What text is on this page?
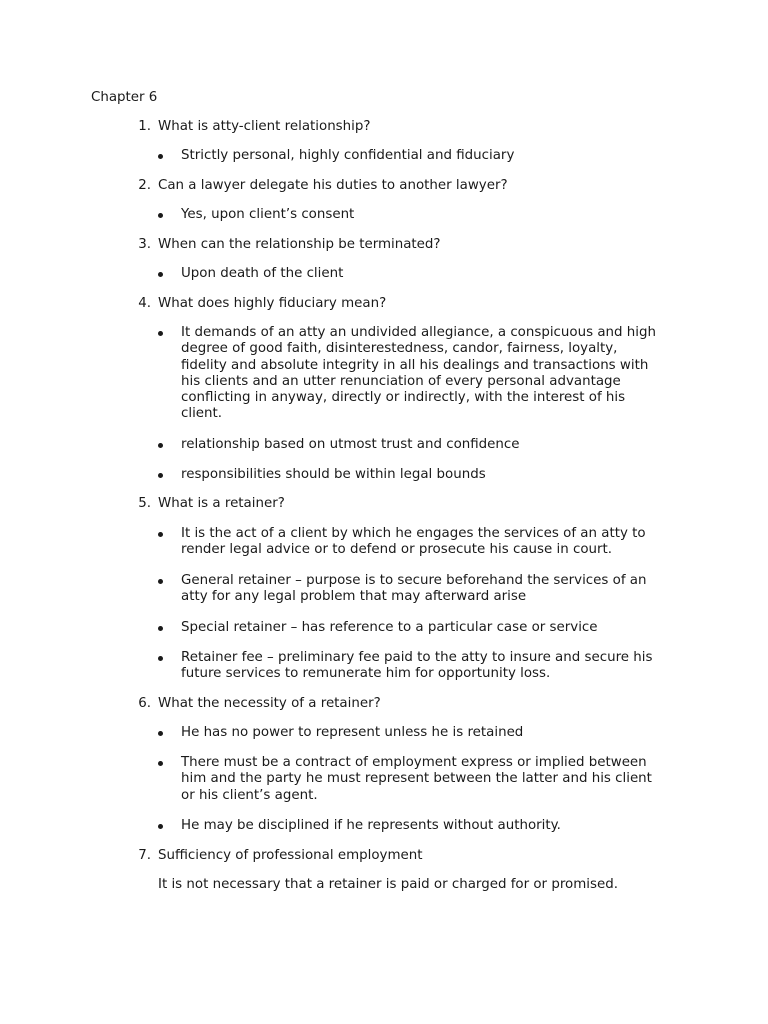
Chapter 6
1. What is atty-client relationship?
Strictly personal, highly confidential and fiduciary
2. Can a lawyer delegate his duties to another lawyer?
Yes, upon client’s consent
3. When can the relationship be terminated?
Upon death of the client
4. What does highly fiduciary mean?
It demands of an atty an undivided allegiance, a conspicuous and high
degree of good faith, disinterestedness, candor, fairness, loyalty,
fidelity and absolute integrity in all his dealings and transactions with
his clients and an utter renunciation of every personal advantage
conflicting in anyway, directly or indirectly, with the interest of his
client.
relationship based on utmost trust and confidence
responsibilities should be within legal bounds
5. What is a retainer?
It is the act of a client by which he engages the services of an atty to
render legal advice or to defend or prosecute his cause in court.
General retainer – purpose is to secure beforehand the services of an
atty for any legal problem that may afterward arise
Special retainer – has reference to a particular case or service
Retainer fee – preliminary fee paid to the atty to insure and secure his
future services to remunerate him for opportunity loss.
6. What the necessity of a retainer?
He has no power to represent unless he is retained
There must be a contract of employment express or implied between
him and the party he must represent between the latter and his client
or his client’s agent.
He may be disciplined if he represents without authority.
7. Sufficiency of professional employment
It is not necessary that a retainer is paid or charged for or promised.
